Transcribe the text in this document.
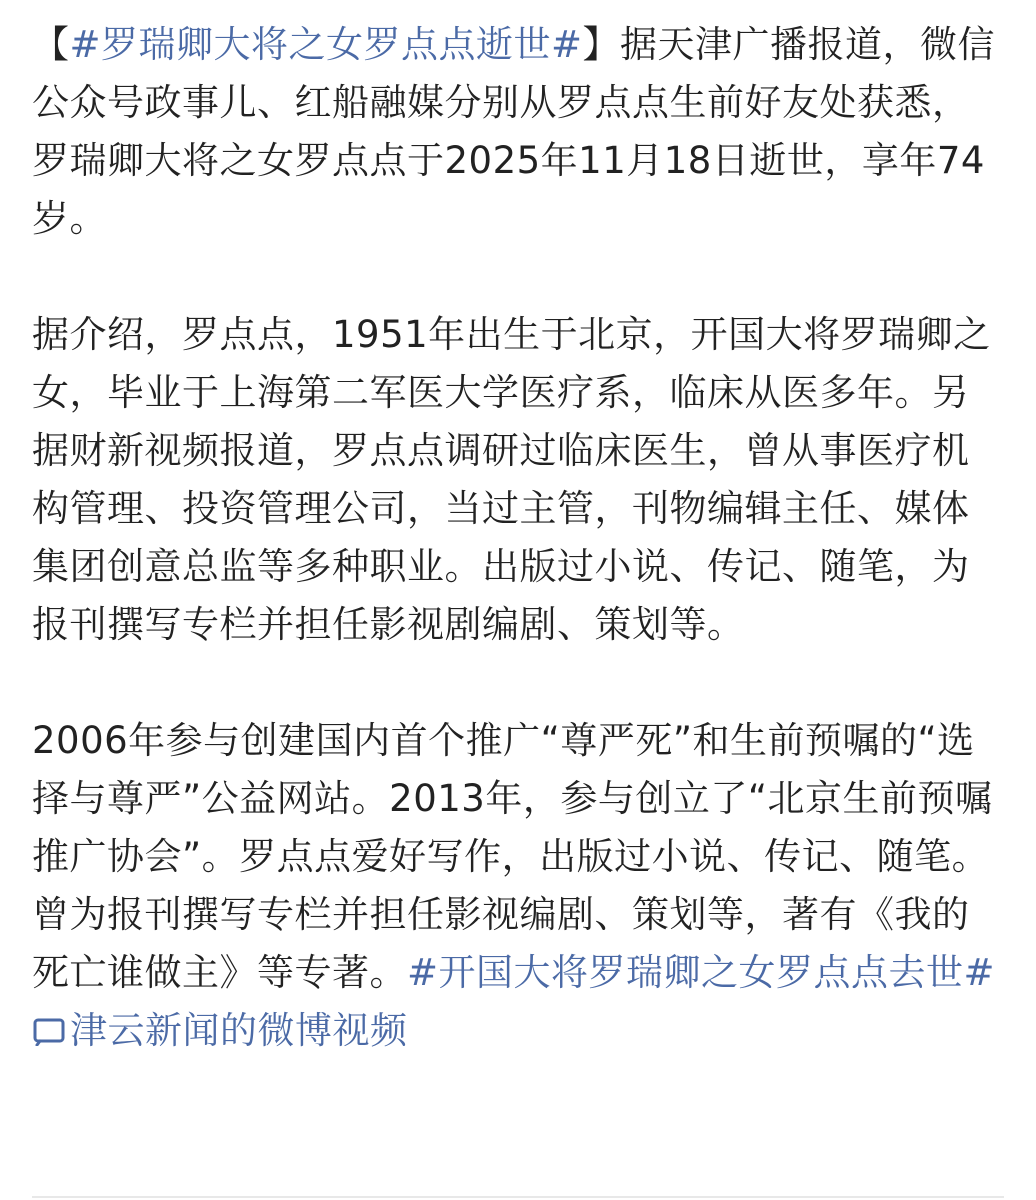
【#罗瑞卿大将之女罗点点逝世#】据天津广播报道，微信公众号政事儿、红船融媒分别从罗点点生前好友处获悉，罗瑞卿大将之女罗点点于2025年11月18日逝世，享年74岁。

据介绍，罗点点，1951年出生于北京，开国大将罗瑞卿之女，毕业于上海第二军医大学医疗系，临床从医多年。另据财新视频报道，罗点点调研过临床医生，曾从事医疗机构管理、投资管理公司，当过主管，刊物编辑主任、媒体集团创意总监等多种职业。出版过小说、传记、随笔，为报刊撰写专栏并担任影视剧编剧、策划等。

2006年参与创建国内首个推广“尊严死”和生前预嘱的“选择与尊严”公益网站。2013年，参与创立了“北京生前预嘱推广协会”。罗点点爱好写作，出版过小说、传记、随笔。曾为报刊撰写专栏并担任影视编剧、策划等，著有《我的死亡谁做主》等专著。#开国大将罗瑞卿之女罗点点去世# 津云新闻的微博视频
